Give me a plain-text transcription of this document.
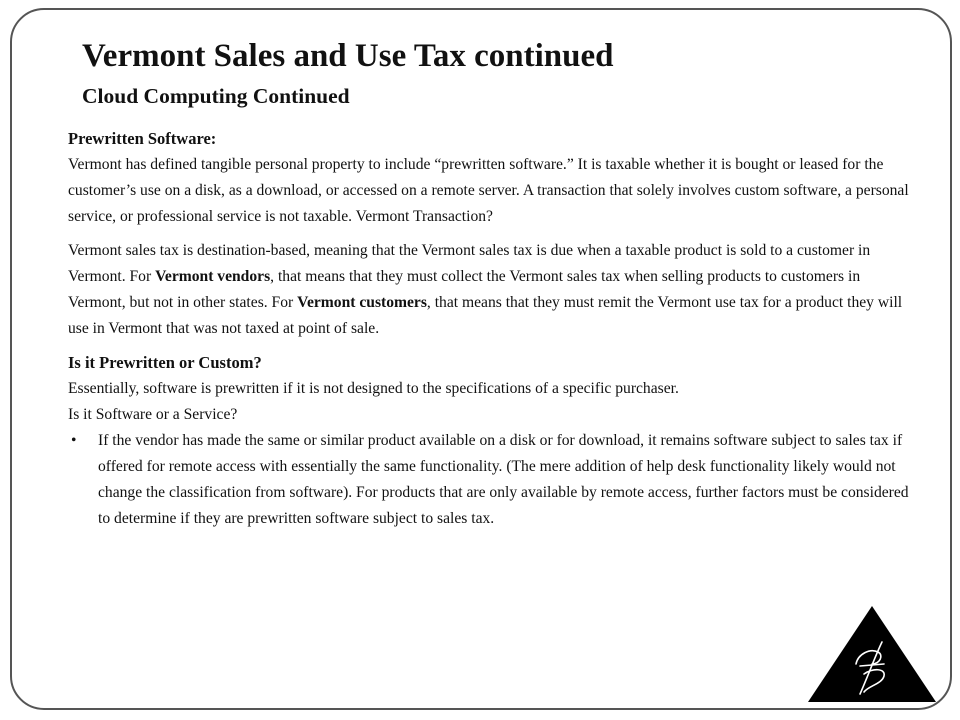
Vermont Sales and Use Tax continued
Cloud Computing Continued

Prewritten Software:

Vermont has defined tangible personal property to include “prewritten software.” It is taxable whether it is bought or leased for the customer’s use on a disk, as a download, or accessed on a remote server. A transaction that solely involves custom software, a personal service, or professional service is not taxable. Vermont Transaction?

Vermont sales tax is destination-based, meaning that the Vermont sales tax is due when a taxable product is sold to a customer in Vermont. For Vermont vendors, that means that they must collect the Vermont sales tax when selling products to customers in Vermont, but not in other states. For Vermont customers, that means that they must remit the Vermont use tax for a product they will use in Vermont that was not taxed at point of sale.

Is it Prewritten or Custom?

Essentially, software is prewritten if it is not designed to the specifications of a specific purchaser.

Is it Software or a Service?

• If the vendor has made the same or similar product available on a disk or for download, it remains software subject to sales tax if offered for remote access with essentially the same functionality. (The mere addition of help desk functionality likely would not change the classification from software). For products that are only available by remote access, further factors must be considered to determine if they are prewritten software subject to sales tax.
